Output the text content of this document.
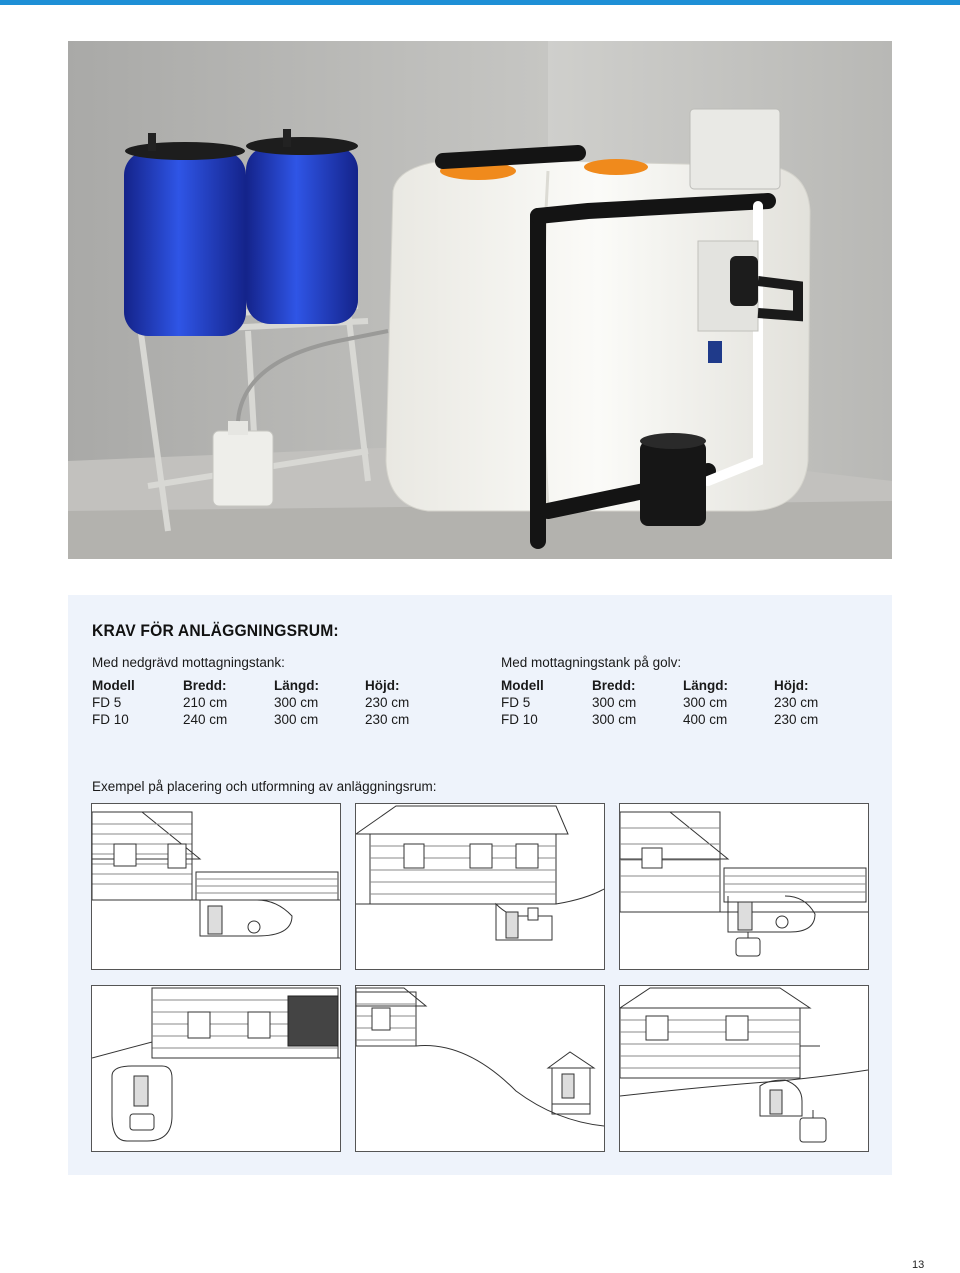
KRAV FÖR ANLÄGGNINGSRUM:
Med nedgrävd mottagningstank:
Modell	Bredd:	Längd:	Höjd:
FD 5	210 cm	300 cm	230 cm
FD 10	240 cm	300 cm	230 cm
Med mottagningstank på golv:
Modell	Bredd:	Längd:	Höjd:
FD 5	300 cm	300 cm	230 cm
FD 10	300 cm	400 cm	230 cm
Exempel på placering och utformning av anläggningsrum:
13
